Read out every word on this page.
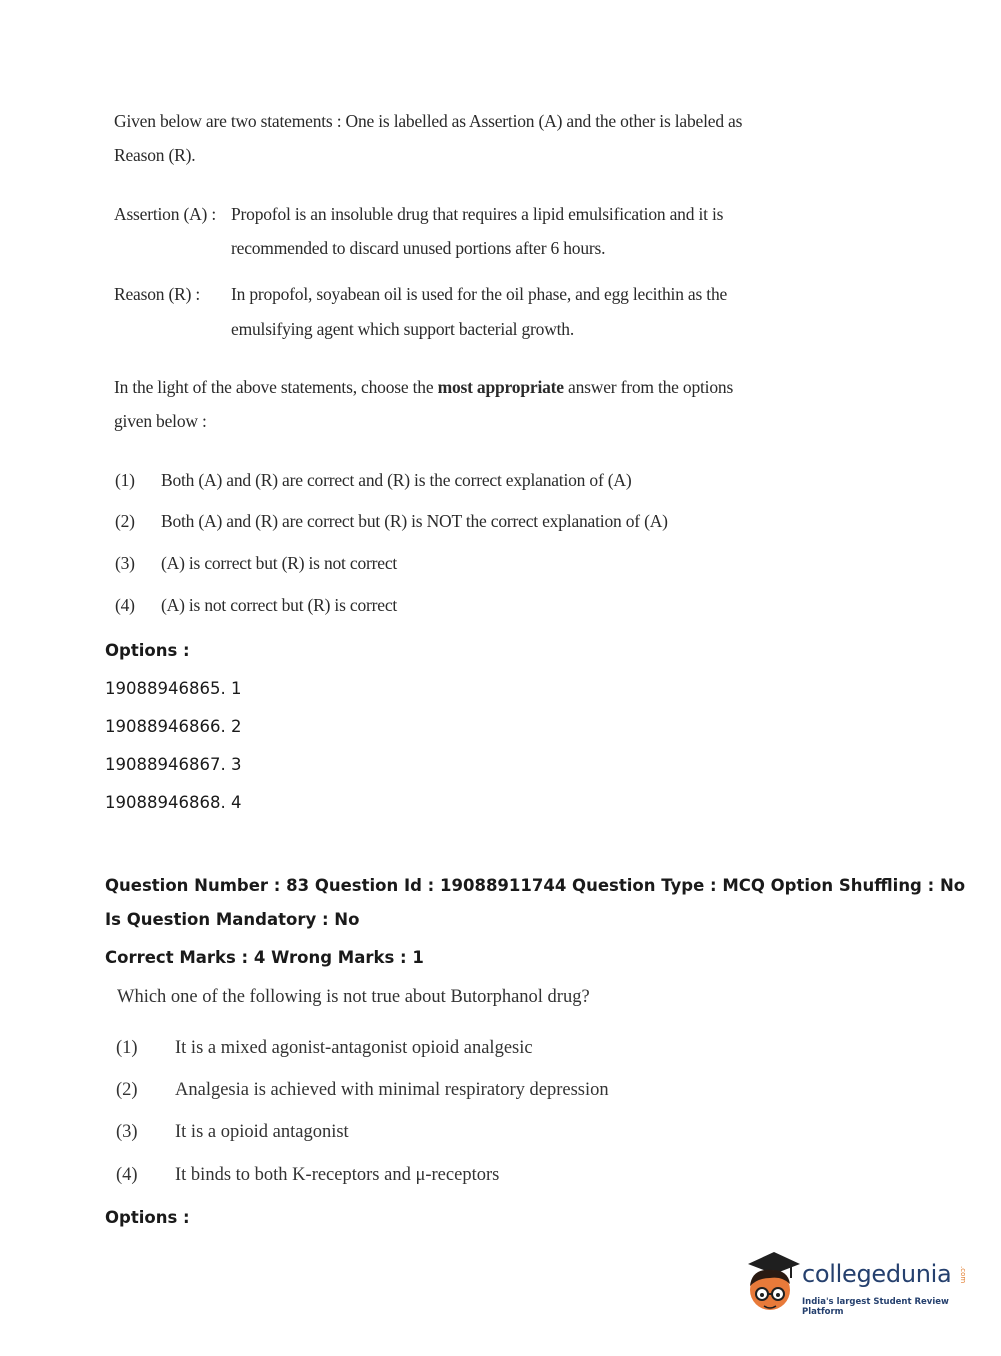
Given below are two statements : One is labelled as Assertion (A) and the other is labeled as
Reason (R).
Assertion (A) : Propofol is an insoluble drug that requires a lipid emulsification and it is
recommended to discard unused portions after 6 hours.
Reason (R) : In propofol, soyabean oil is used for the oil phase, and egg lecithin as the
emulsifying agent which support bacterial growth.
In the light of the above statements, choose the most appropriate answer from the options
given below :
(1) Both (A) and (R) are correct and (R) is the correct explanation of (A)
(2) Both (A) and (R) are correct but (R) is NOT the correct explanation of (A)
(3) (A) is correct but (R) is not correct
(4) (A) is not correct but (R) is correct
Options :
19088946865. 1
19088946866. 2
19088946867. 3
19088946868. 4
Question Number : 83 Question Id : 19088911744 Question Type : MCQ Option Shuffling : No
Is Question Mandatory : No
Correct Marks : 4 Wrong Marks : 1
Which one of the following is not true about Butorphanol drug?
(1) It is a mixed agonist-antagonist opioid analgesic
(2) Analgesia is achieved with minimal respiratory depression
(3) It is a opioid antagonist
(4) It binds to both K-receptors and μ-receptors
Options :
collegedunia .com
India's largest Student Review Platform
